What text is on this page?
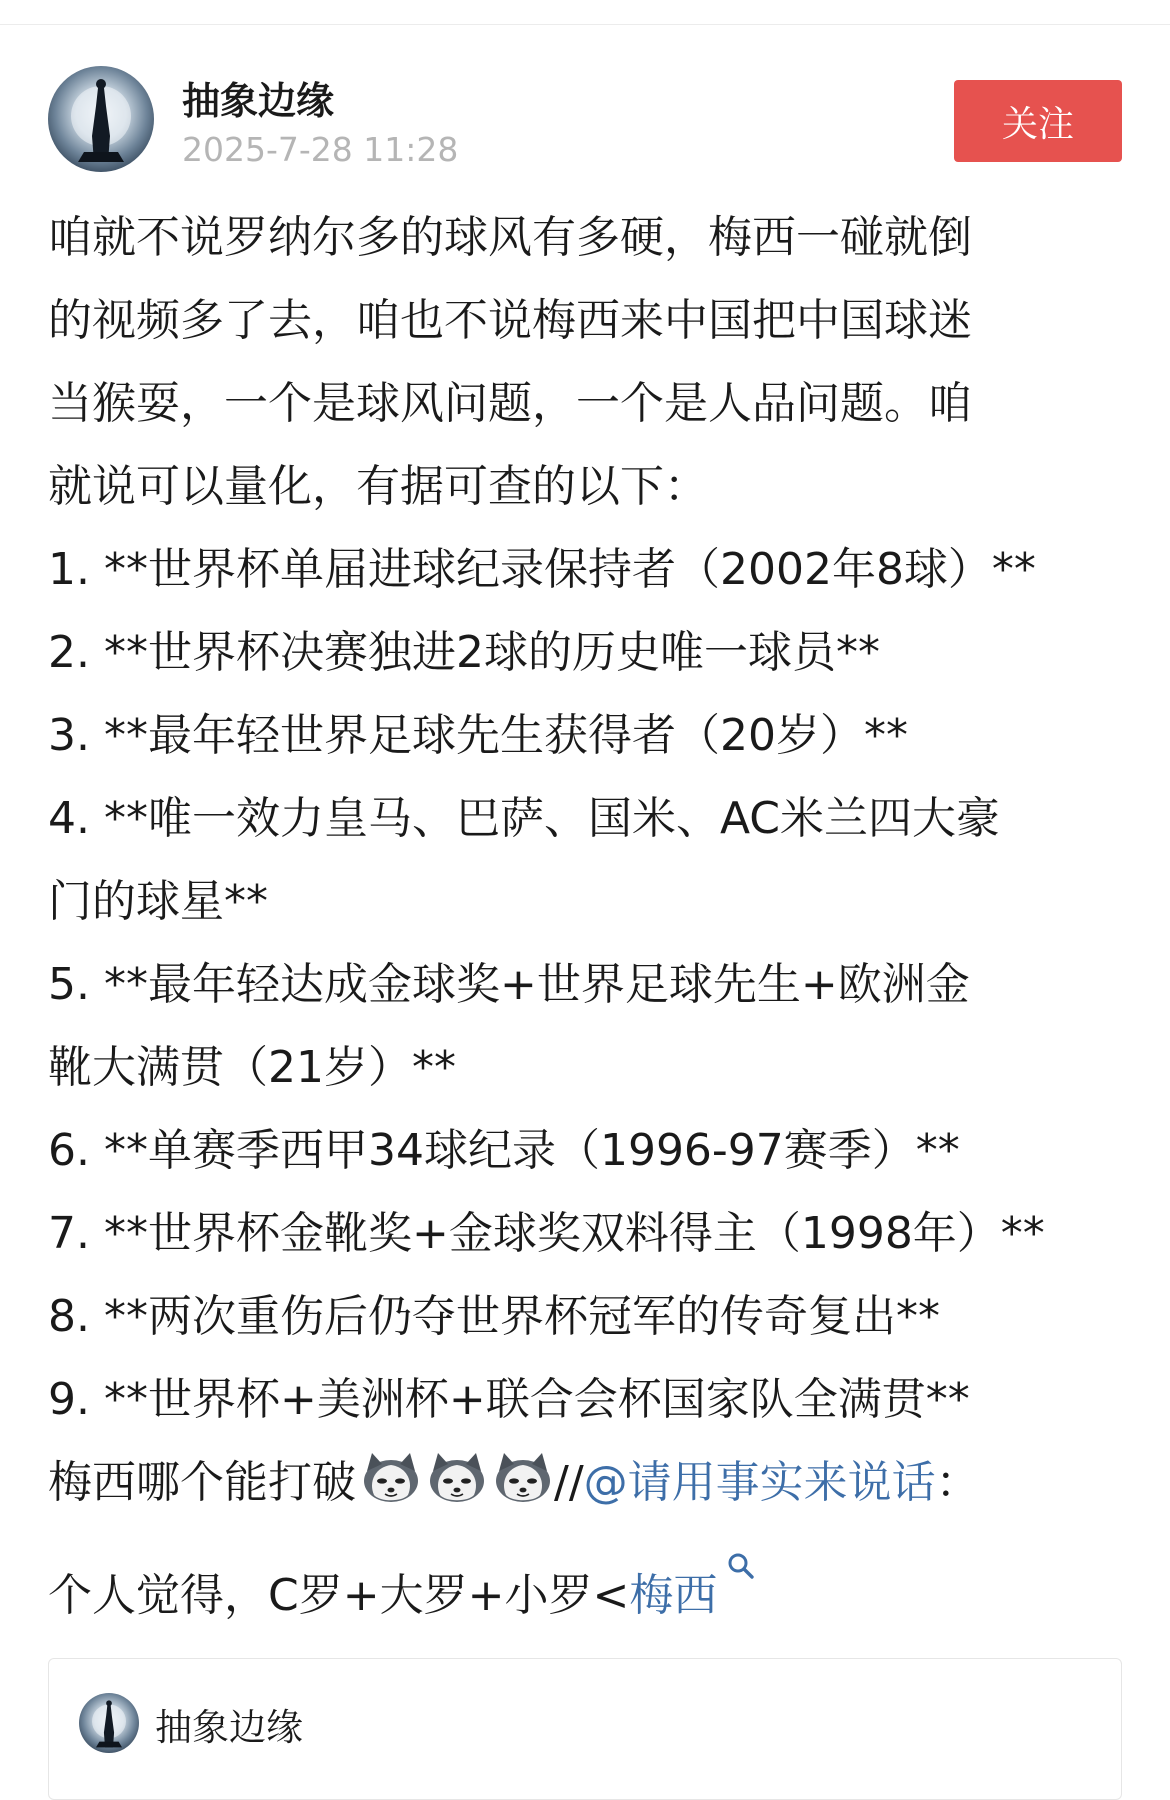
抽象边缘
2025-7-28 11:28
关注
咱就不说罗纳尔多的球风有多硬，梅西一碰就倒
的视频多了去，咱也不说梅西来中国把中国球迷
当猴耍，一个是球风问题，一个是人品问题。咱
就说可以量化，有据可查的以下：
1. **世界杯单届进球纪录保持者（2002年8球）**
2. **世界杯决赛独进2球的历史唯一球员**
3. **最年轻世界足球先生获得者（20岁）**
4. **唯一效力皇马、巴萨、国米、AC米兰四大豪
门的球星**
5. **最年轻达成金球奖+世界足球先生+欧洲金
靴大满贯（21岁）**
6. **单赛季西甲34球纪录（1996-97赛季）**
7. **世界杯金靴奖+金球奖双料得主（1998年）**
8. **两次重伤后仍夺世界杯冠军的传奇复出**
9. **世界杯+美洲杯+联合会杯国家队全满贯**
梅西哪个能打破	//@请用事实来说话：
个人觉得，C罗+大罗+小罗<梅西
抽象边缘
